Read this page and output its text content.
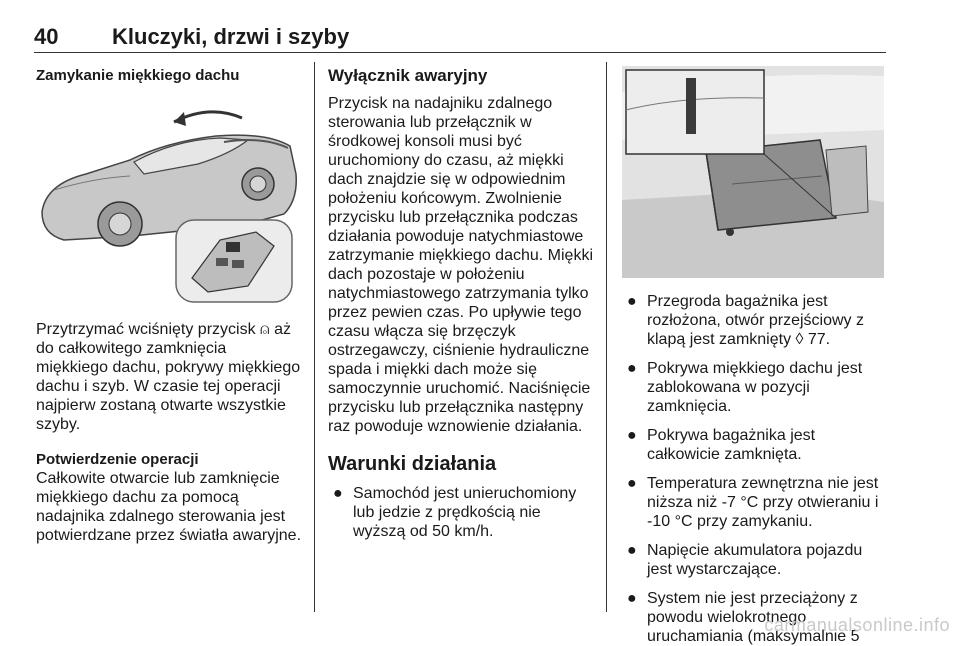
40 Kluczyki, drzwi i szyby

Zamykanie miękkiego dachu

Przytrzymać wciśnięty przycisk ⍝ aż

do całkowitego zamknięcia

miękkiego dachu, pokrywy miękkiego

dachu i szyb. W czasie tej operacji

najpierw zostaną otwarte wszystkie

szyby.

Potwierdzenie operacji

Całkowite otwarcie lub zamknięcie

miękkiego dachu za pomocą

nadajnika zdalnego sterowania jest

potwierdzane przez światła awaryjne.

Wyłącznik awaryjny

Przycisk na nadajniku zdalnego

sterowania lub przełącznik w

środkowej konsoli musi być

uruchomiony do czasu, aż miękki

dach znajdzie się w odpowiednim

położeniu końcowym. Zwolnienie

przycisku lub przełącznika podczas

działania powoduje natychmiastowe

zatrzymanie miękkiego dachu. Miękki

dach pozostaje w położeniu

natychmiastowego zatrzymania tylko

przez pewien czas. Po upływie tego

czasu włącza się brzęczyk

ostrzegawczy, ciśnienie hydrauliczne

spada i miękki dach może się

samoczynnie uruchomić. Naciśnięcie

przycisku lub przełącznika następny

raz powoduje wznowienie działania.

Warunki działania

● Samochód jest unieruchomiony

lub jedzie z prędkością nie

wyższą od 50 km/h.

● Przegroda bagażnika jest

rozłożona, otwór przejściowy z

klapą jest zamknięty ◊ 77.

● Pokrywa miękkiego dachu jest

zablokowana w pozycji

zamknięcia.

● Pokrywa bagażnika jest

całkowicie zamknięta.

● Temperatura zewnętrzna nie jest

niższa niż -7 °C przy otwieraniu i

-10 °C przy zamykaniu.

● Napięcie akumulatora pojazdu

jest wystarczające.

● System nie jest przeciążony z

powodu wielokrotnego

uruchamiania (maksymalnie 5

carmanualsonline.info
